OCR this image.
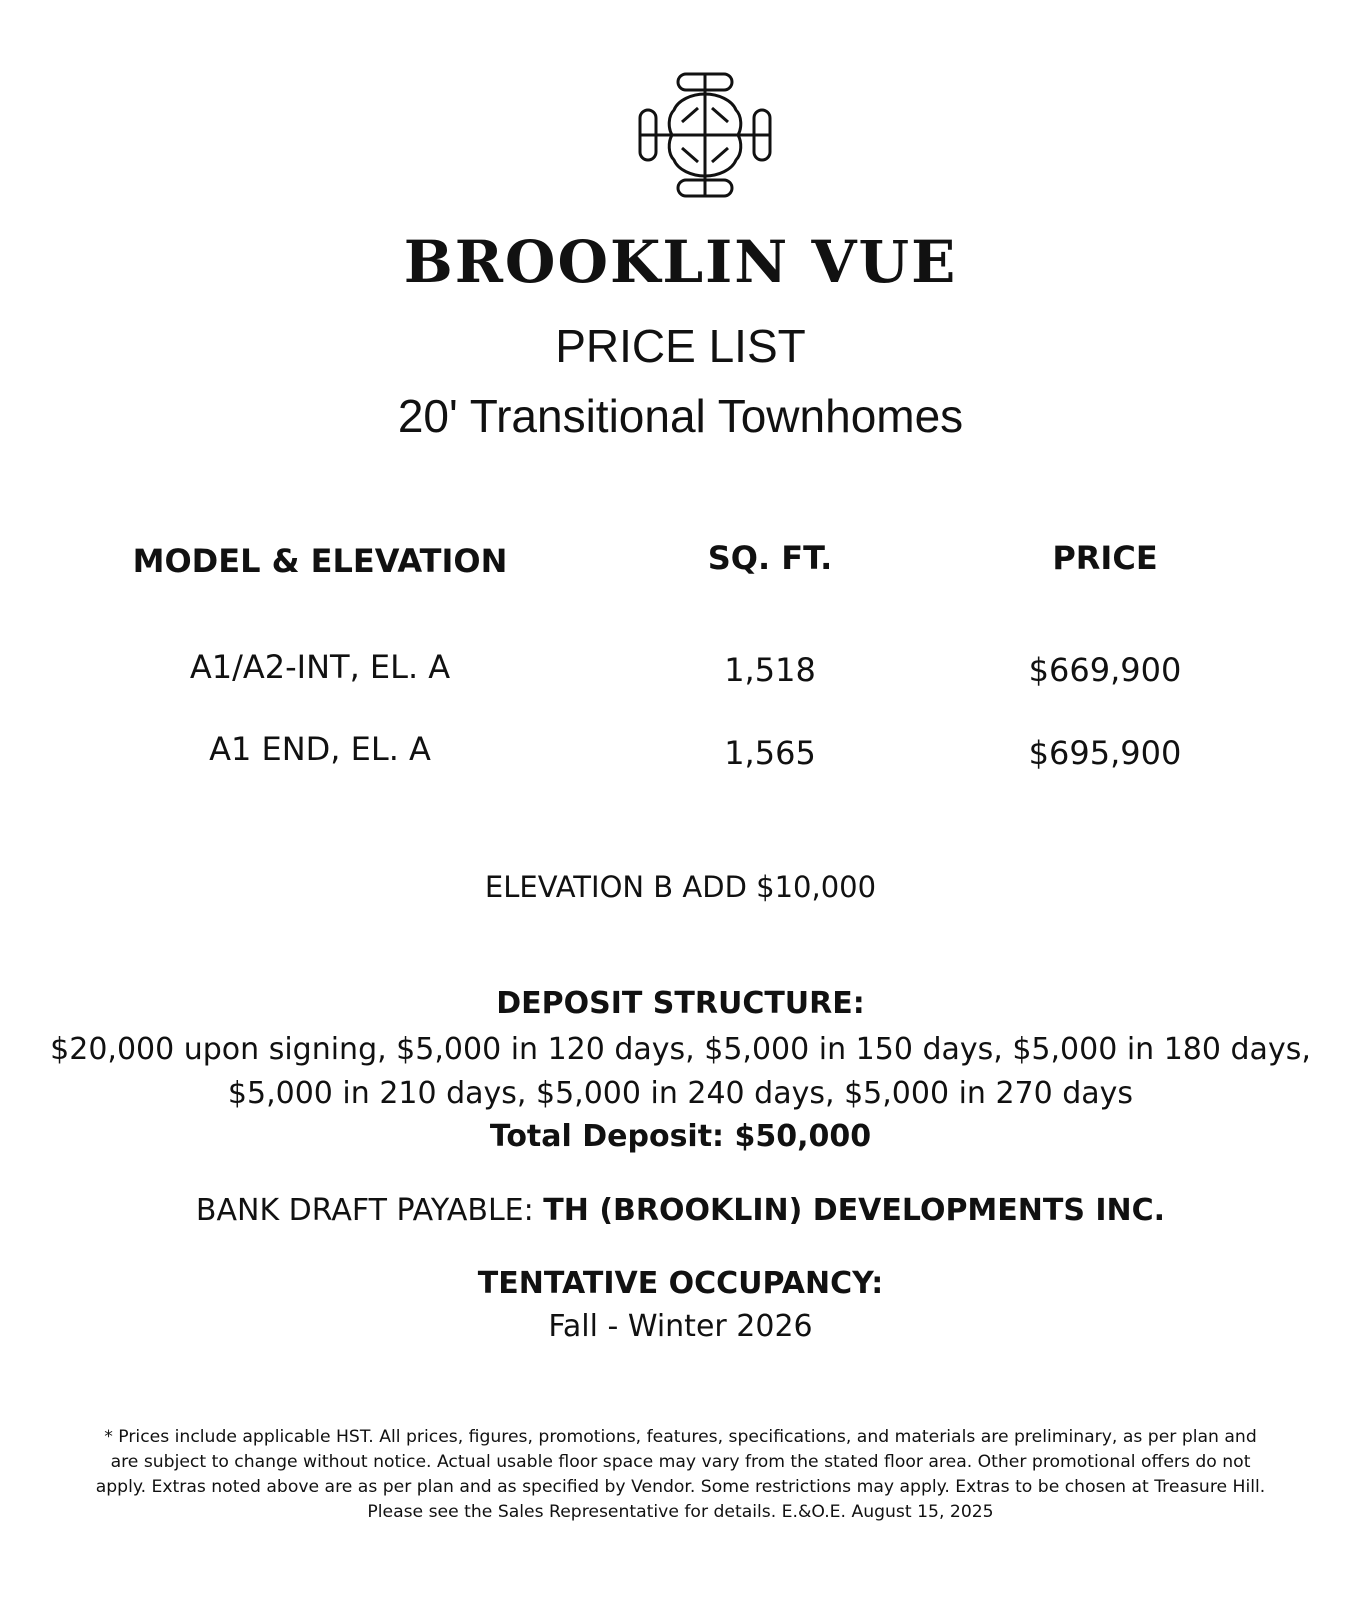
BROOKLIN VUE
PRICE LIST
20' Transitional Townhomes
MODEL & ELEVATION	SQ. FT.	PRICE
A1/A2-INT, EL. A	1,518	$669,900
A1 END, EL. A	1,565	$695,900
ELEVATION B ADD $10,000
DEPOSIT STRUCTURE:
$20,000 upon signing, $5,000 in 120 days, $5,000 in 150 days, $5,000 in 180 days,
$5,000 in 210 days, $5,000 in 240 days, $5,000 in 270 days
Total Deposit: $50,000
BANK DRAFT PAYABLE: TH (BROOKLIN) DEVELOPMENTS INC.
TENTATIVE OCCUPANCY:
Fall - Winter 2026
* Prices include applicable HST. All prices, figures, promotions, features, specifications, and materials are preliminary, as per plan and
are subject to change without notice. Actual usable floor space may vary from the stated floor area. Other promotional offers do not
apply. Extras noted above are as per plan and as specified by Vendor. Some restrictions may apply. Extras to be chosen at Treasure Hill.
Please see the Sales Representative for details. E.&O.E. August 15, 2025
